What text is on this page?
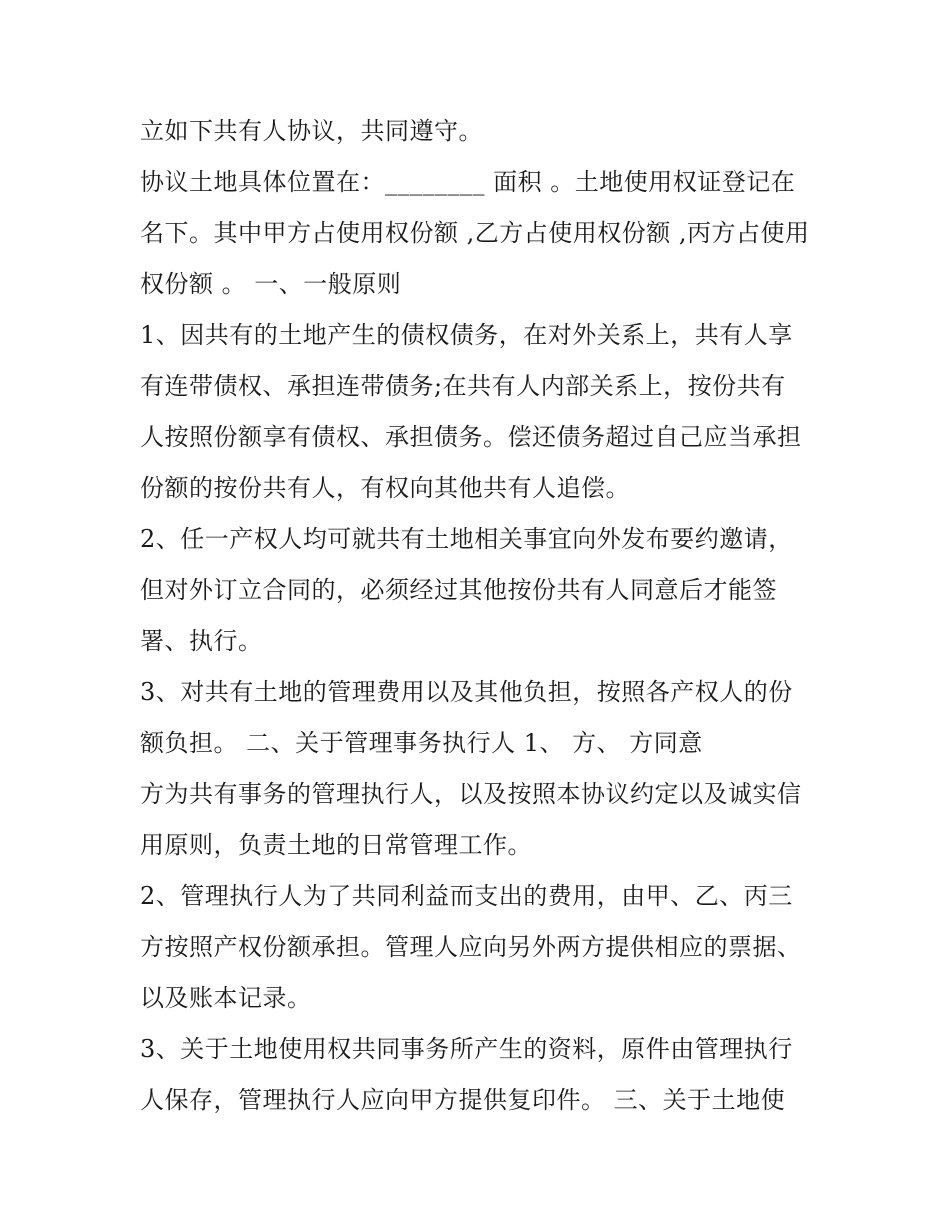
立如下共有人协议，共同遵守。
协议土地具体位置在：________ 面积 。土地使用权证登记在
名下。其中甲方占使用权份额 ,乙方占使用权份额 ,丙方占使用
权份额 。 一、一般原则
1、因共有的土地产生的债权债务，在对外关系上，共有人享
有连带债权、承担连带债务;在共有人内部关系上，按份共有
人按照份额享有债权、承担债务。偿还债务超过自己应当承担
份额的按份共有人，有权向其他共有人追偿。
2、任一产权人均可就共有土地相关事宜向外发布要约邀请，
但对外订立合同的，必须经过其他按份共有人同意后才能签
署、执行。
3、对共有土地的管理费用以及其他负担，按照各产权人的份
额负担。 二、关于管理事务执行人 1、 方、 方同意
方为共有事务的管理执行人，以及按照本协议约定以及诚实信
用原则，负责土地的日常管理工作。
2、管理执行人为了共同利益而支出的费用，由甲、乙、丙三
方按照产权份额承担。管理人应向另外两方提供相应的票据、
以及账本记录。
3、关于土地使用权共同事务所产生的资料，原件由管理执行
人保存，管理执行人应向甲方提供复印件。 三、关于土地使
